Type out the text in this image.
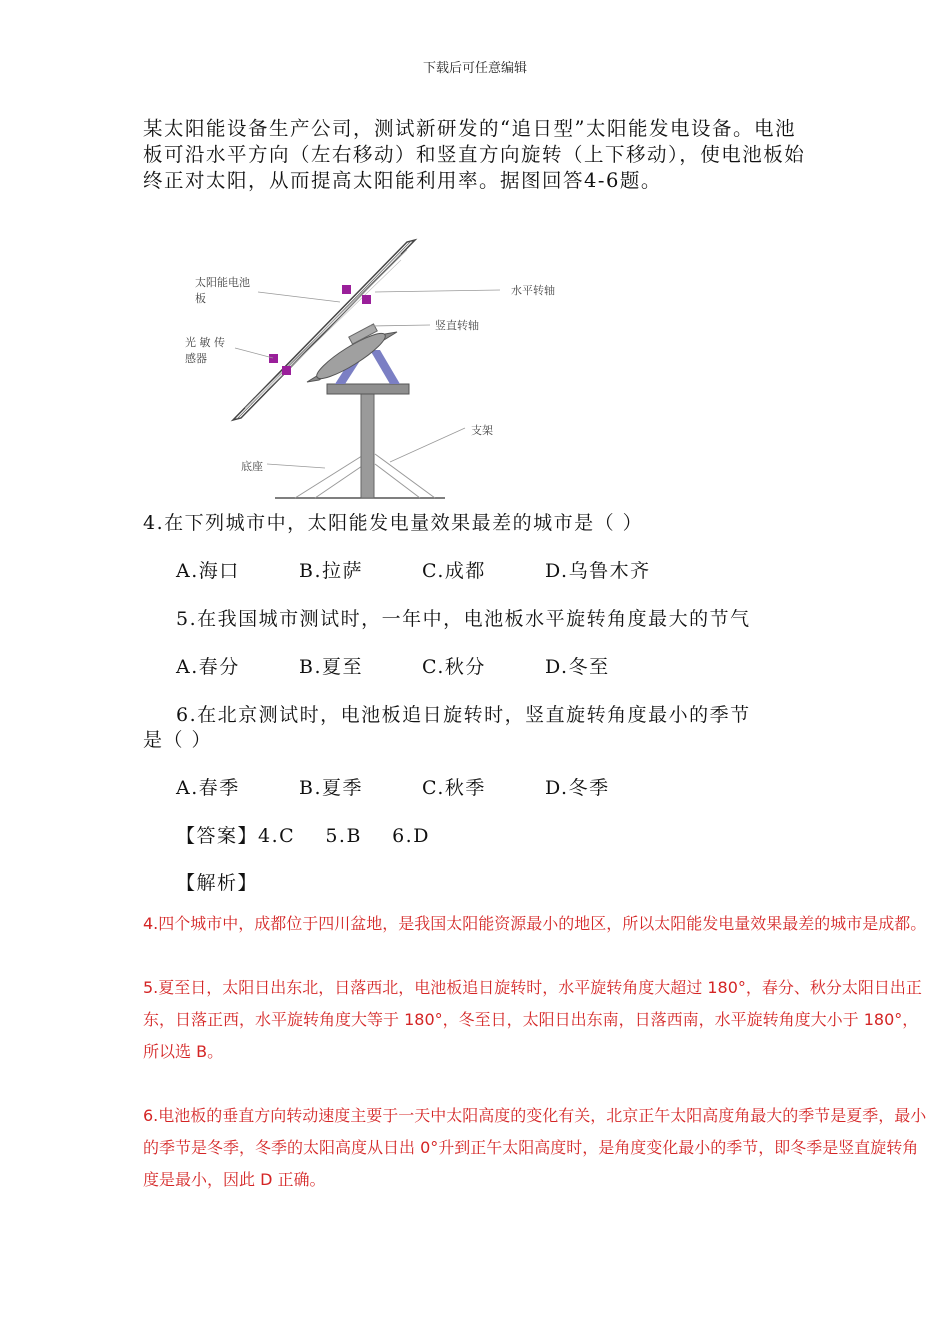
下载后可任意编辑
某太阳能设备生产公司，测试新研发的“追日型”太阳能发电设备。电池板可沿水平方向（左右移动）和竖直方向旋转（上下移动），使电池板始终正对太阳，从而提高太阳能利用率。据图回答4-6题。
太阳能电池
板
光 敏 传
感器
水平转轴
竖直转轴
支架
底座
4.在下列城市中，太阳能发电量效果最差的城市是（ ）
A.海口	B.拉萨	C.成都	D.乌鲁木齐
5.在我国城市测试时，一年中，电池板水平旋转角度最大的节气
A.春分	B.夏至	C.秋分	D.冬至
6.在北京测试时，电池板追日旋转时，竖直旋转角度最小的季节
是（ ）
A.春季	B.夏季	C.秋季	D.冬季
【答案】4.C    5.B    6.D
【解析】
4.四个城市中，成都位于四川盆地，是我国太阳能资源最小的地区，所以太阳能发电量效果最差的城市是成都。
5.夏至日，太阳日出东北，日落西北，电池板追日旋转时，水平旋转角度大超过 180°，春分、秋分太阳日出正东，日落正西，水平旋转角度大等于 180°，冬至日，太阳日出东南，日落西南，水平旋转角度大小于 180°，所以选 B。
6.电池板的垂直方向转动速度主要于一天中太阳高度的变化有关，北京正午太阳高度角最大的季节是夏季，最小的季节是冬季，冬季的太阳高度从日出 0°升到正午太阳高度时，是角度变化最小的季节，即冬季是竖直旋转角度是最小，因此 D 正确。
